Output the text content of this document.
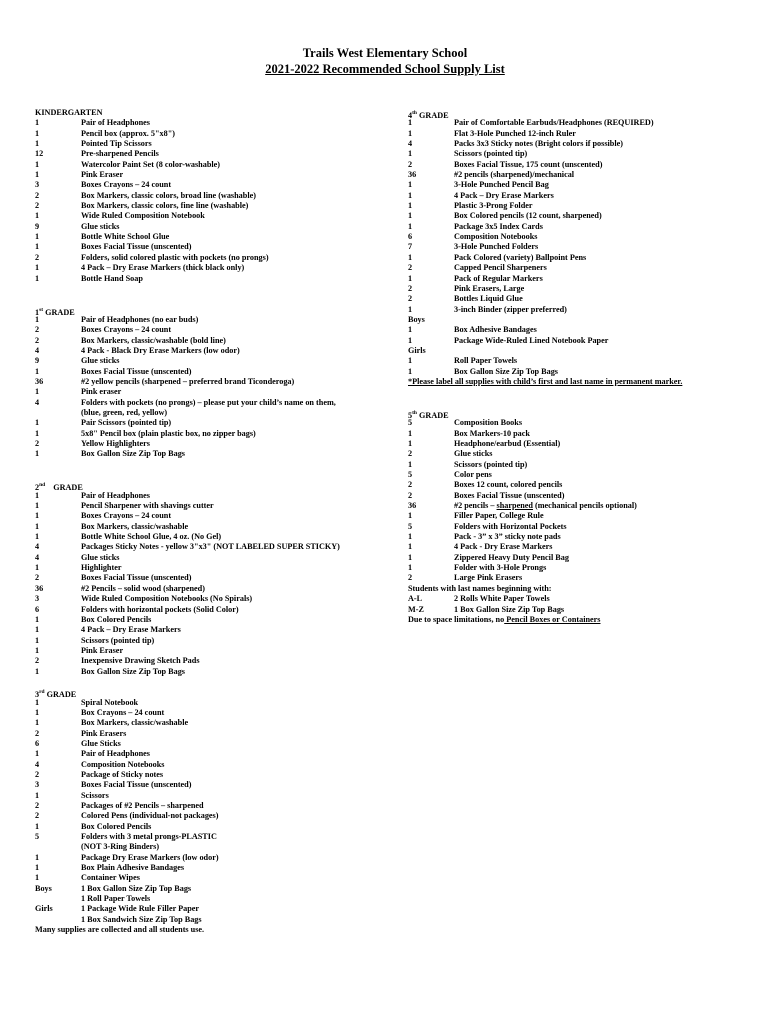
Trails West Elementary School
2021-2022 Recommended School Supply List
KINDERGARTEN
1	Pair of Headphones
1	Pencil box (approx. 5"x8")
1	Pointed Tip Scissors
12	Pre-sharpened Pencils
1	Watercolor Paint Set (8 color-washable)
1	Pink Eraser
3	Boxes Crayons – 24 count
2	Box Markers, classic colors, broad line (washable)
2	Box Markers, classic colors, fine line (washable)
1	Wide Ruled Composition Notebook
9	Glue sticks
1	Bottle White School Glue
1	Boxes Facial Tissue (unscented)
2	Folders, solid colored plastic with pockets (no prongs)
1	4 Pack – Dry Erase Markers (thick black only)
1	Bottle Hand Soap
1st GRADE
1	Pair of Headphones (no ear buds)
2	Boxes Crayons – 24 count
2	Box Markers, classic/washable (bold line)
4	4 Pack - Black Dry Erase Markers (low odor)
9	Glue sticks
1	Boxes Facial Tissue (unscented)
36	#2 yellow pencils (sharpened – preferred brand Ticonderoga)
1	Pink eraser
4	Folders with pockets (no prongs) – please put your child’s name on them,
(blue, green, red, yellow)
1	Pair Scissors (pointed tip)
1	5x8" Pencil box (plain plastic box, no zipper bags)
2	Yellow Highlighters
1	Box Gallon Size Zip Top Bags
2nd GRADE
1	Pair of Headphones
1	Pencil Sharpener with shavings cutter
1	Boxes Crayons – 24 count
1	Box Markers, classic/washable
1	Bottle White School Glue, 4 oz. (No Gel)
4	Packages Sticky Notes - yellow 3"x3" (NOT LABELED SUPER STICKY)
4	Glue sticks
1	Highlighter
2	Boxes Facial Tissue (unscented)
36	#2 Pencils – solid wood (sharpened)
3	Wide Ruled Composition Notebooks (No Spirals)
6	Folders with horizontal pockets (Solid Color)
1	Box Colored Pencils
1	4 Pack – Dry Erase Markers
1	Scissors (pointed tip)
1	Pink Eraser
2	Inexpensive Drawing Sketch Pads
1	Box Gallon Size Zip Top Bags
3rd GRADE
1	Spiral Notebook
1	Box Crayons – 24 count
1	Box Markers, classic/washable
2	Pink Erasers
6	Glue Sticks
1	Pair of Headphones
4	Composition Notebooks
2	Package of Sticky notes
3	Boxes Facial Tissue (unscented)
1	Scissors
2	Packages of #2 Pencils – sharpened
2	Colored Pens (individual-not packages)
1	Box Colored Pencils
5	Folders with 3 metal prongs-PLASTIC
(NOT 3-Ring Binders)
1	Package Dry Erase Markers (low odor)
1	Box Plain Adhesive Bandages
1	Container Wipes
Boys	1 Box Gallon Size Zip Top Bags
1 Roll Paper Towels
Girls	1 Package Wide Rule Filler Paper
1 Box Sandwich Size Zip Top Bags
Many supplies are collected and all students use.
4th GRADE
1	Pair of Comfortable Earbuds/Headphones (REQUIRED)
1	Flat 3-Hole Punched 12-inch Ruler
4	Packs 3x3 Sticky notes (Bright colors if possible)
1	Scissors (pointed tip)
2	Boxes Facial Tissue, 175 count (unscented)
36	#2 pencils (sharpened)/mechanical
1	3-Hole Punched Pencil Bag
1	4 Pack – Dry Erase Markers
1	Plastic 3-Prong Folder
1	Box Colored pencils (12 count, sharpened)
1	Package 3x5 Index Cards
6	Composition Notebooks
7	3-Hole Punched Folders
1	Pack Colored (variety) Ballpoint Pens
2	Capped Pencil Sharpeners
1	Pack of Regular Markers
2	Pink Erasers, Large
2	Bottles Liquid Glue
1	3-inch Binder (zipper preferred)
Boys
1	Box Adhesive Bandages
1	Package Wide-Ruled Lined Notebook Paper
Girls
1	Roll Paper Towels
1	Box Gallon Size Zip Top Bags
*Please label all supplies with child’s first and last name in permanent marker.
5th GRADE
5	Composition Books
1	Box Markers-10 pack
1	Headphone/earbud (Essential)
2	Glue sticks
1	Scissors (pointed tip)
5	Color pens
2	Boxes 12 count, colored pencils
2	Boxes Facial Tissue (unscented)
36	#2 pencils – sharpened (mechanical pencils optional)
1	Filler Paper, College Rule
5	Folders with Horizontal Pockets
1	Pack - 3” x 3” sticky note pads
1	4 Pack - Dry Erase Markers
1	Zippered Heavy Duty Pencil Bag
1	Folder with 3-Hole Prongs
2	Large Pink Erasers
Students with last names beginning with:
A-L	2 Rolls White Paper Towels
M-Z	1 Box Gallon Size Zip Top Bags
Due to space limitations, no Pencil Boxes or Containers
